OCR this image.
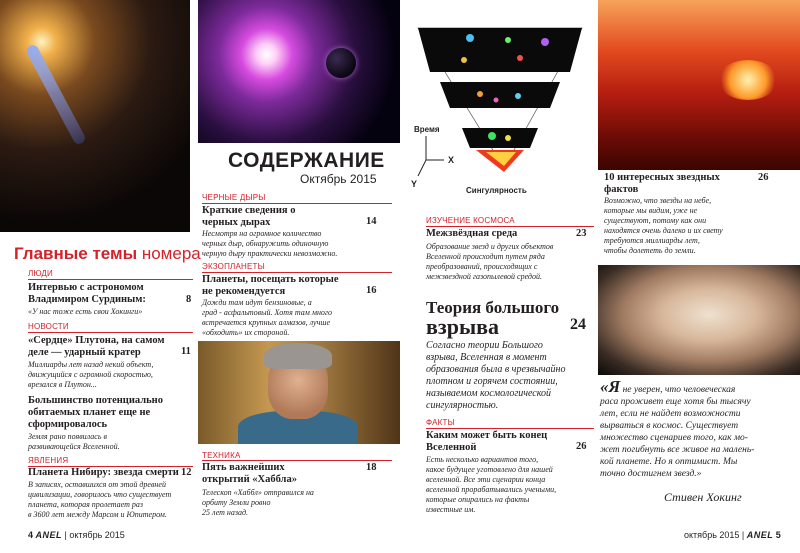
Время
X
Y
Сингулярность
Главные темы номера
ЛЮДИ
Интервью с астрономом
Владимиром Сурдиным:	8
«У нас тоже есть свои Хокинги»
НОВОСТИ
«Сердце» Плутона, на самом
деле — ударный кратер	11
Миллиарды лет назад некий объект,
движущийся с огромной скоростью,
врезался в Плутон...
Большинство потенциально
обитаемых планет еще не
сформировалось
Земля рано появилась в
развивающейся Вселенной.
ЯВЛЕНИЯ
Планета Нибиру: звезда смерти 12
В записях, оставшихся от этой древней
цивилизации, говорилось что существует
планета, которая пролетает раз
в 3600 лет между Марсом и Юпитером.
4 ANEL | октябрь 2015
СОДЕРЖАНИЕ
Октябрь 2015
ЧЕРНЫЕ ДЫРЫ
Краткие сведения о
черных дырах	14
Несмотря на огромное количество
черных дыр, обнаружить одиночную
черную дыру практически невозможно.
ЭКЗОПЛАНЕТЫ
Планеты, посещать которые
не рекомендуется	16
Дожди там идут бензиновые, а
град - асфальтовый. Хотя там много
встречается крупных алмазов, лучше
«обходить» их стороной.
ТЕХНИКА
Пять важнейших
открытий «Хаббла»
18
Телескоп «Хаббл» отправился на
орбиту Земли ровно
25 лет назад.
ИЗУЧЕНИЕ КОСМОСА
Межзвёздная среда	23
Образование звезд и других объектов
Вселенной происходит путем ряда
преобразований, происходящих с
межзвездной газопылевой средой.
Теория большого
взрыва	24
Согласно теории Большого
взрыва, Вселенная в момент
образования была в чрезвычайно
плотном и горячем состоянии,
называемом космологической
сингулярностью.
ФАКТЫ
Каким может быть конец
Вселенной	26
Есть несколько вариантов того,
какое будущее уготовлено для нашей
вселенной. Все эти сценарии конца
вселенной прорабатывались учеными,
которые опирались на факты
известные им.
10 интересных звездных
фактов
26
Возможно, что звезды на небе,
которые мы видим, уже не
существуют, потому как они
находятся очень далеко и их свету
требуются миллиарды лет,
чтобы долететь до земли.
«Я не уверен, что человеческая
раса проживет еще хотя бы тысячу
лет, если не найдет возможности
вырваться в космос. Существует
множество сценариев того, как мо-
жет погибнуть все живое на малень-
кой планете. Но я оптимист. Мы
точно достигнем звезд.»
Стивен Хокинг
октябрь 2015 | ANEL 5
